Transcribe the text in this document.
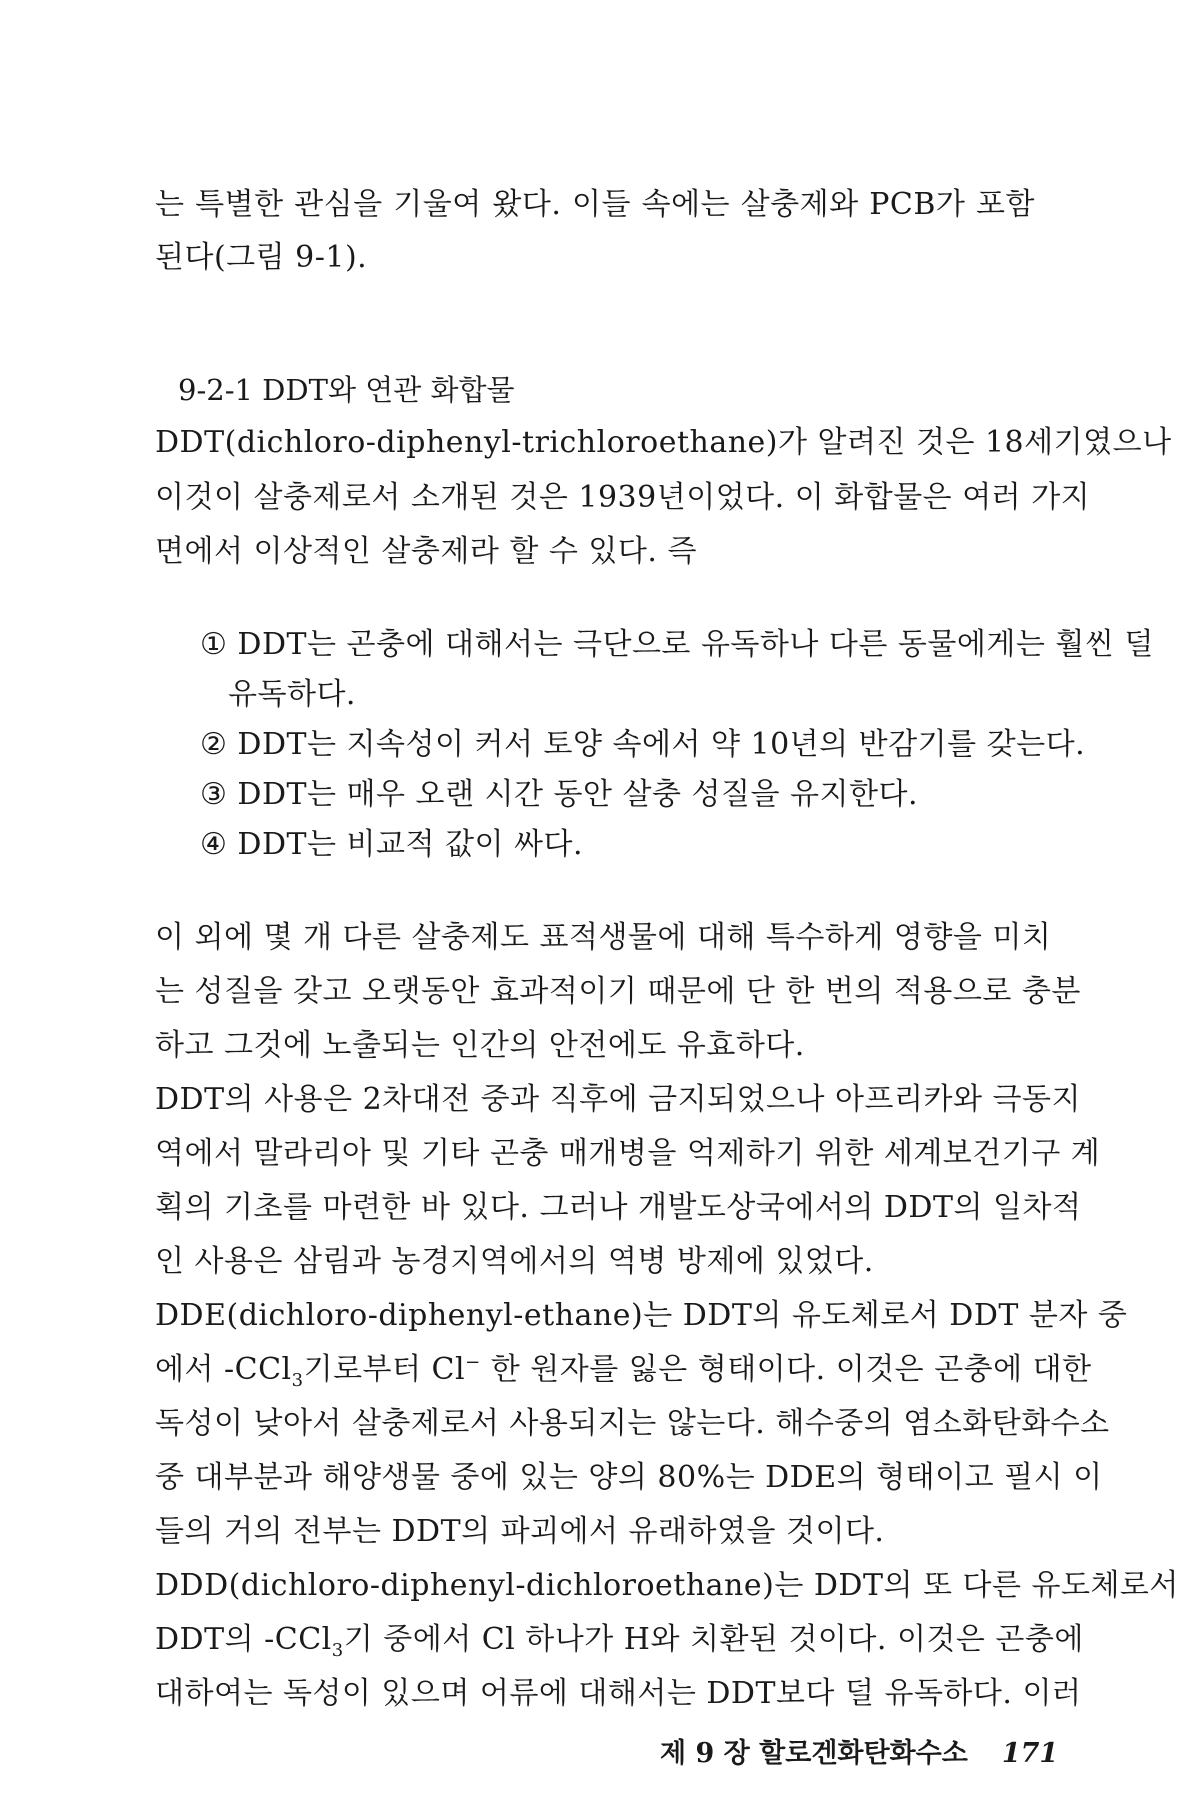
는 특별한 관심을 기울여 왔다. 이들 속에는 살충제와 PCB가 포함
된다(그림 9-1).
9-2-1 DDT와 연관 화합물
DDT(dichloro-diphenyl-trichloroethane)가 알려진 것은 18세기였으나
이것이 살충제로서 소개된 것은 1939년이었다. 이 화합물은 여러 가지
면에서 이상적인 살충제라 할 수 있다. 즉
① DDT는 곤충에 대해서는 극단으로 유독하나 다른 동물에게는 훨씬 덜
유독하다.
② DDT는 지속성이 커서 토양 속에서 약 10년의 반감기를 갖는다.
③ DDT는 매우 오랜 시간 동안 살충 성질을 유지한다.
④ DDT는 비교적 값이 싸다.
이 외에 몇 개 다른 살충제도 표적생물에 대해 특수하게 영향을 미치
는 성질을 갖고 오랫동안 효과적이기 때문에 단 한 번의 적용으로 충분
하고 그것에 노출되는 인간의 안전에도 유효하다.
DDT의 사용은 2차대전 중과 직후에 금지되었으나 아프리카와 극동지
역에서 말라리아 및 기타 곤충 매개병을 억제하기 위한 세계보건기구 계
획의 기초를 마련한 바 있다. 그러나 개발도상국에서의 DDT의 일차적
인 사용은 삼림과 농경지역에서의 역병 방제에 있었다.
DDE(dichloro-diphenyl-ethane)는 DDT의 유도체로서 DDT 분자 중
에서 -CCl$_3$기로부터 Cl− 한 원자를 잃은 형태이다. 이것은 곤충에 대한
독성이 낮아서 살충제로서 사용되지는 않는다. 해수중의 염소화탄화수소
중 대부분과 해양생물 중에 있는 양의 80%는 DDE의 형태이고 필시 이
들의 거의 전부는 DDT의 파괴에서 유래하였을 것이다.
DDD(dichloro-diphenyl-dichloroethane)는 DDT의 또 다른 유도체로서
제 9 장 할로겐화탄화수소 171
DDT의 -CCl$_3$기 중에서 Cl 하나가 H와 치환된 것이다. 이것은 곤충에
대하여는 독성이 있으며 어류에 대해서는 DDT보다 덜 유독하다. 이러
